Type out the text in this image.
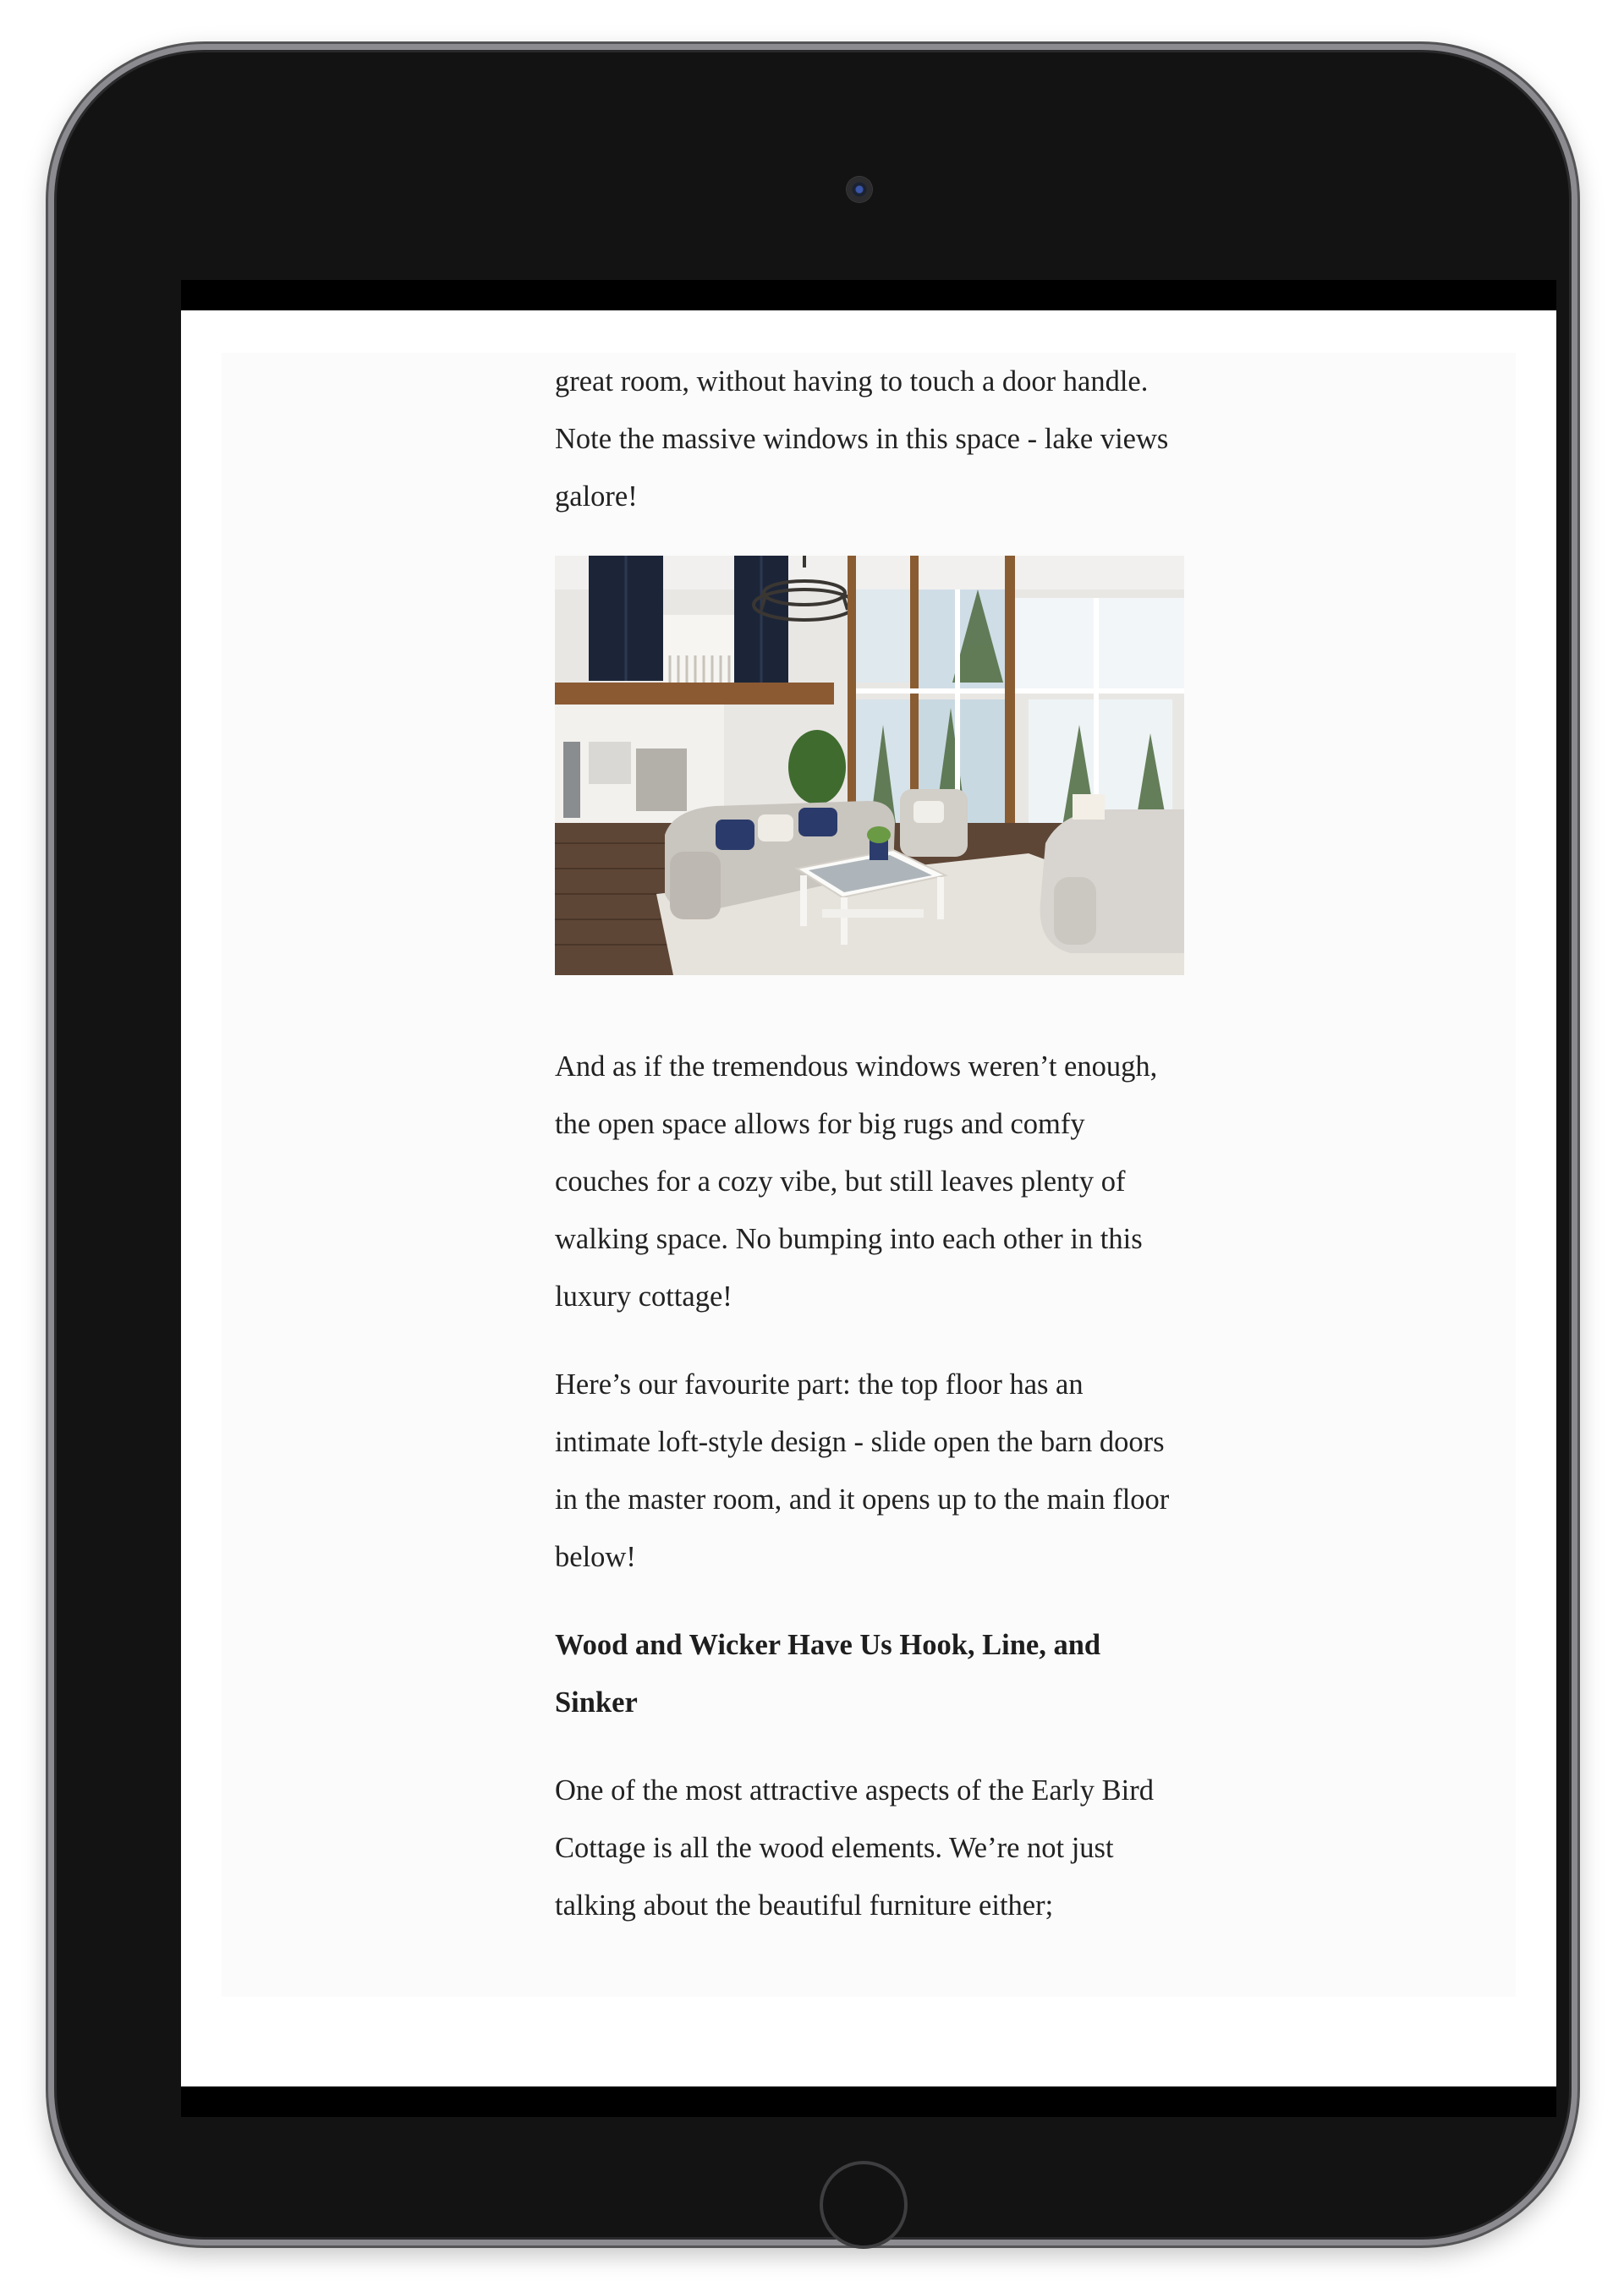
great room, without having to touch a door handle. Note the massive windows in this space - lake views galore!

And as if the tremendous windows weren’t enough, the open space allows for big rugs and comfy couches for a cozy vibe, but still leaves plenty of walking space. No bumping into each other in this luxury cottage!

Here’s our favourite part: the top floor has an intimate loft-style design - slide open the barn doors in the master room, and it opens up to the main floor below!

Wood and Wicker Have Us Hook, Line, and Sinker

One of the most attractive aspects of the Early Bird Cottage is all the wood elements. We’re not just talking about the beautiful furniture either;
